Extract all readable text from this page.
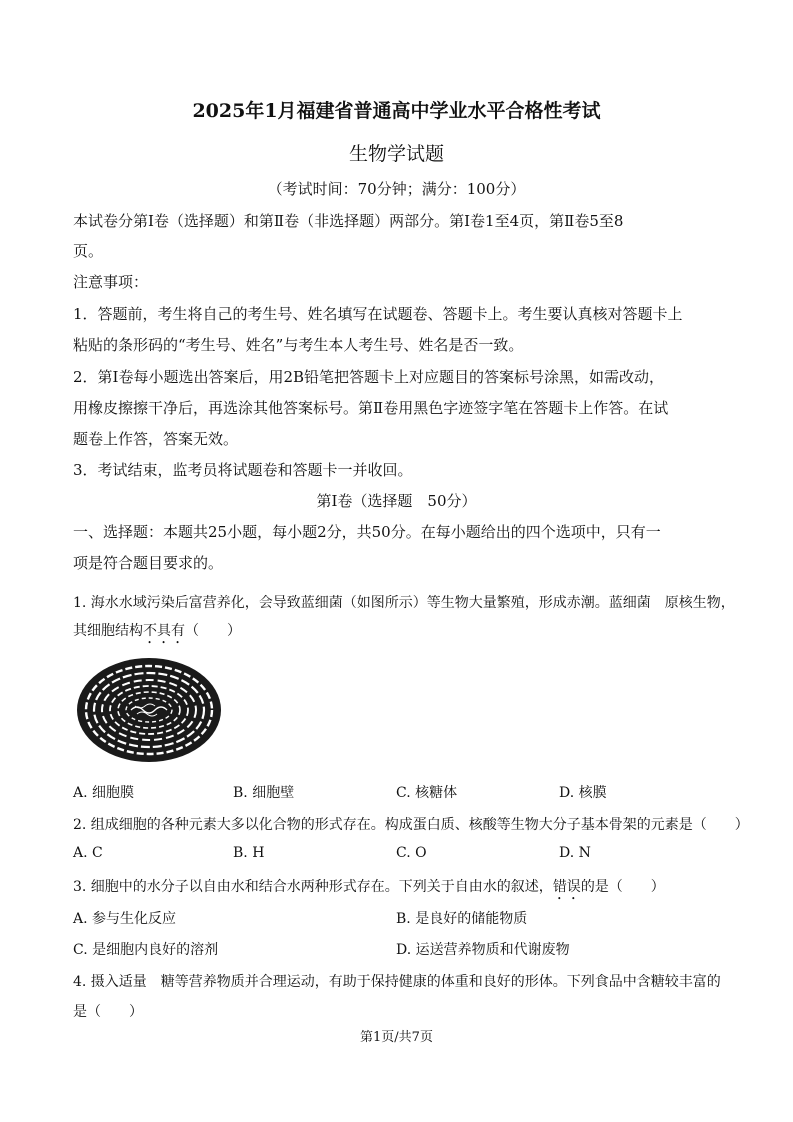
2025年1月福建省普通高中学业水平合格性考试
生物学试题
（考试时间：70分钟；满分：100分）
本试卷分第Ⅰ卷（选择题）和第Ⅱ卷（非选择题）两部分。第Ⅰ卷1至4页，第Ⅱ卷5至8
页。
注意事项：
1．答题前，考生将自己的考生号、姓名填写在试题卷、答题卡上。考生要认真核对答题卡上
粘贴的条形码的“考生号、姓名”与考生本人考生号、姓名是否一致。
2．第Ⅰ卷每小题选出答案后，用2B铅笔把答题卡上对应题目的答案标号涂黑，如需改动，
用橡皮擦擦干净后，再选涂其他答案标号。第Ⅱ卷用黑色字迹签字笔在答题卡上作答。在试
题卷上作答，答案无效。
3．考试结束，监考员将试题卷和答题卡一并收回。
第Ⅰ卷（选择题　50分）
一、选择题：本题共25小题，每小题2分，共50分。在每小题给出的四个选项中，只有一
项是符合题目要求的。
1. 海水水域污染后富营养化，会导致蓝细菌（如图所示）等生物大量繁殖，形成赤潮。蓝细菌　原核生物，
其细胞结构不具有（　　）
A. 细胞膜	B. 细胞壁	C. 核糖体	D. 核膜
2. 组成细胞的各种元素大多以化合物的形式存在。构成蛋白质、核酸等生物大分子基本骨架的元素是（　　）
A. C	B. H	C. O	D. N
3. 细胞中的水分子以自由水和结合水两种形式存在。下列关于自由水的叙述，错误的是（　　）
A. 参与生化反应	B. 是良好的储能物质
C. 是细胞内良好的溶剂	D. 运送营养物质和代谢废物
4. 摄入适量　糖等营养物质并合理运动，有助于保持健康的体重和良好的形体。下列食品中含糖较丰富的
是（　　）
第1页/共7页
